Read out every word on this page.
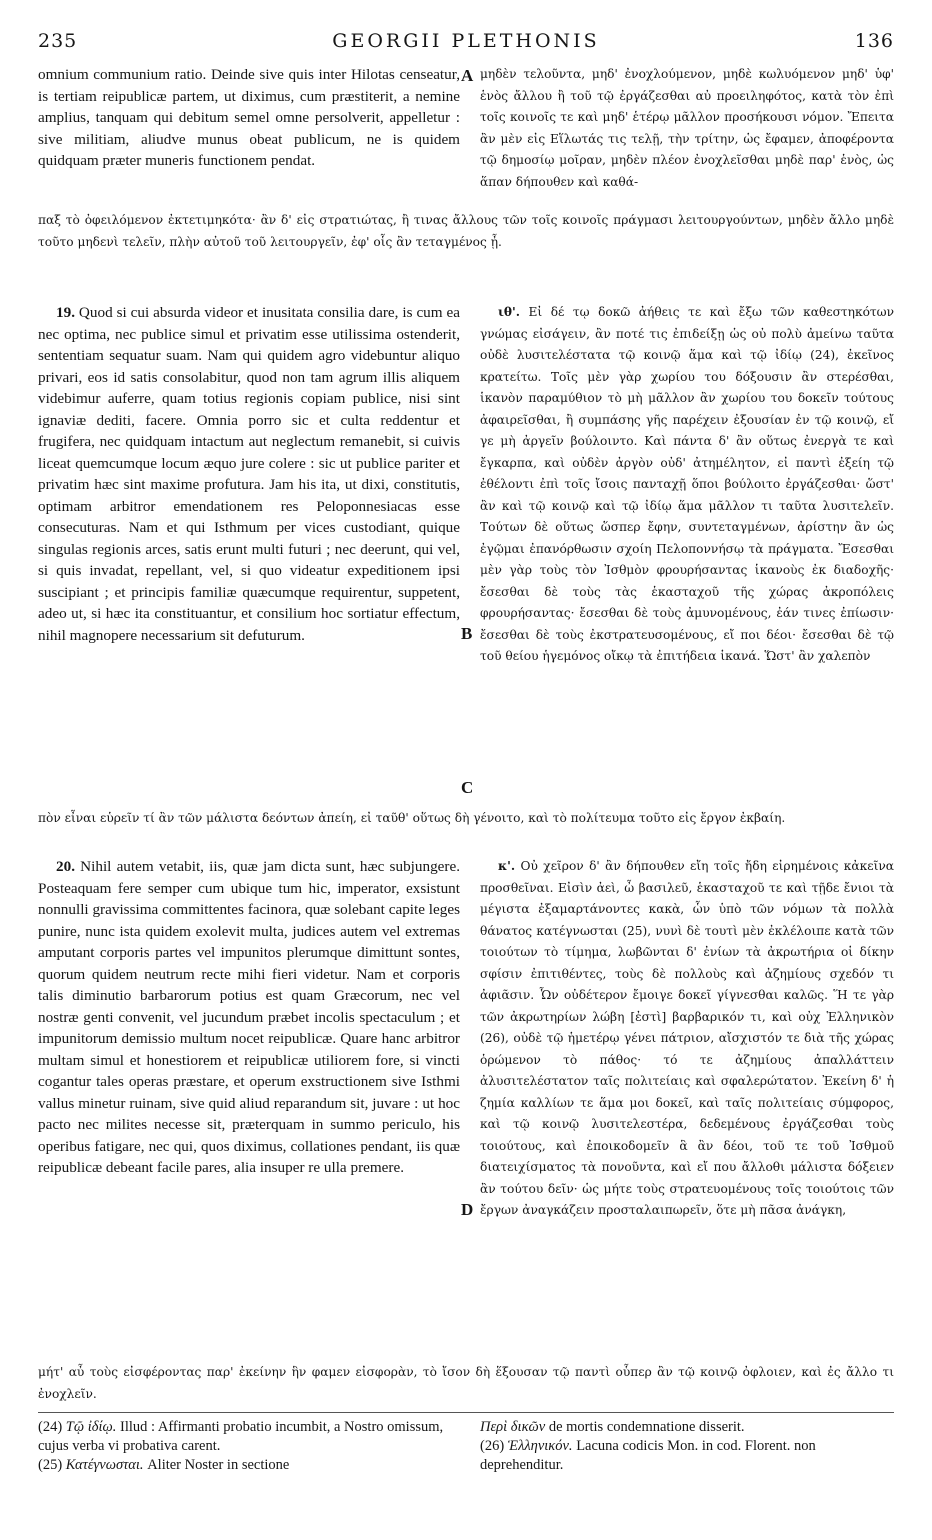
235	GEORGII PLETHONIS	136

omnium communium ratio. Deinde sive quis inter Hilotas censeatur, is tertiam reipublicæ partem, ut diximus, cum præstiterit, a nemine amplius, tanquam qui debitum semel omne persolverit, appelletur : sive militiam, aliudve munus obeat publicum, ne is quidem quidquam præter muneris functionem pendat.

μηδὲν τελοῦντα, μηδ' ἐνοχλούμενον, μηδὲ κωλυόμενον μηδ' ὑφ' ἑνὸς ἄλλου ἢ τοῦ τῷ ἐργάζεσθαι αὐ προειληφότος, κατὰ τὸν ἐπὶ τοῖς κοινοῖς τε καὶ μηδ' ἑτέρῳ μᾶλλον προσήκουσι νόμον. Ἔπειτα ἂν μὲν εἰς Εἵλωτάς τις τελῇ, τὴν τρίτην, ὡς ἔφαμεν, ἀποφέροντα τῷ δημοσίῳ μοῖραν, μηδὲν πλέον ἐνοχλεῖσθαι μηδὲ παρ' ἑνὸς, ὡς ἅπαν δήπουθεν καὶ καθά-

A

παξ τὸ ὀφειλόμενον ἐκτετιμηκότα· ἂν δ' εἰς στρατιώτας, ἢ τινας ἄλλους τῶν τοῖς κοινοῖς πράγμασι λειτουργούντων, μηδὲν ἄλλο μηδὲ τοῦτο μηδενὶ τελεῖν, πλὴν αὐτοῦ τοῦ λειτουργεῖν, ἐφ' οἷς ἂν τεταγμένος ᾖ.

19. Quod si cui absurda videor et inusitata consilia dare, is cum ea nec optima, nec publice simul et privatim esse utilissima ostenderit, sententiam sequatur suam. Nam qui quidem agro videbuntur aliquo privari, eos id satis consolabitur, quod non tam agrum illis aliquem videbimur auferre, quam totius regionis copiam publice, nisi sint ignaviæ dediti, facere. Omnia porro sic et culta reddentur et frugifera, nec quidquam intactum aut neglectum remanebit, si cuivis liceat quemcumque locum æquo jure colere : sic ut publice pariter et privatim hæc sint maxime profutura. Jam his ita, ut dixi, constitutis, optimam arbitror emendationem res Peloponnesiacas esse consecuturas. Nam et qui Isthmum per vices custodiant, quique singulas regionis arces, satis erunt multi futuri ; nec deerunt, qui vel, si quis invadat, repellant, vel, si quo videatur expeditionem ipsi suscipiant ; et principis familiæ quæcumque requirentur, suppetent, adeo ut, si hæc ita constituantur, et consilium hoc sortiatur effectum, nihil magnopere necessarium sit defuturum.

ιθ'. Εἰ δέ τῳ δοκῶ ἀήθεις τε καὶ ἔξω τῶν καθεστηκότων γνώμας εἰσάγειν, ἂν ποτέ τις ἐπιδείξῃ ὡς οὐ πολὺ ἀμείνω ταῦτα οὐδὲ λυσιτελέστατα τῷ κοινῷ ἅμα καὶ τῷ ἰδίῳ (24), ἐκεῖνος κρατείτω. Τοῖς μὲν γὰρ χωρίου του δόξουσιν ἂν στερέσθαι, ἱκανὸν παραμύθιον τὸ μὴ μᾶλλον ἂν χωρίου του δοκεῖν τούτους ἀφαιρεῖσθαι, ἢ συμπάσης γῆς παρέχειν ἐξουσίαν ἐν τῷ κοινῷ, εἴ γε μὴ ἀργεῖν βούλοιντο. Καὶ πάντα δ' ἂν οὕτως ἐνεργὰ τε καὶ ἔγκαρπα, καὶ οὐδὲν ἀργὸν οὐδ' ἀτημέλητον, εἰ παντὶ ἐξείη τῷ ἐθέλοντι ἐπὶ τοῖς ἴσοις πανταχῇ ὅποι βούλοιτο ἐργάζεσθαι· ὥστ' ἂν καὶ τῷ κοινῷ καὶ τῷ ἰδίῳ ἅμα μᾶλλον τι ταῦτα λυσιτελεῖν. Τούτων δὲ οὕτως ὥσπερ ἔφην, συντεταγμένων, ἀρίστην ἂν ὡς ἐγῷμαι ἐπανόρθωσιν σχοίη Πελοποννήσῳ τὰ πράγματα. Ἔσεσθαι μὲν γὰρ τοὺς τὸν Ἰσθμὸν φρουρήσαντας ἱκανοὺς ἐκ διαδοχῆς· ἔσεσθαι δὲ τοὺς τὰς ἑκασταχοῦ τῆς χώρας ἀκροπόλεις φρουρήσαντας· ἔσεσθαι δὲ τοὺς ἀμυνομένους, ἐάν τινες ἐπίωσιν· ἔσεσθαι δὲ τοὺς ἐκστρατευσομένους, εἴ ποι δέοι· ἔσεσθαι δὲ τῷ τοῦ θείου ἡγεμόνος οἴκῳ τὰ ἐπιτήδεια ἱκανά. Ὥστ' ἂν χαλεπὸν

B
C

πὸν εἶναι εὑρεῖν τί ἂν τῶν μάλιστα δεόντων ἀπείη, εἰ ταῦθ' οὕτως δὴ γένοιτο, καὶ τὸ πολίτευμα τοῦτο εἰς ἔργον ἐκβαίη.

20. Nihil autem vetabit, iis, quæ jam dicta sunt, hæc subjungere. Posteaquam fere semper cum ubique tum hic, imperator, exsistunt nonnulli gravissima committentes facinora, quæ solebant capite leges punire, nunc ista quidem exolevit multa, judices autem vel extremas amputant corporis partes vel impunitos plerumque dimittunt sontes, quorum quidem neutrum recte mihi fieri videtur. Nam et corporis talis diminutio barbarorum potius est quam Græcorum, nec vel nostræ genti convenit, vel jucundum præbet incolis spectaculum ; et impunitorum demissio multum nocet reipublicæ. Quare hanc arbitror multam simul et honestiorem et reipublicæ utiliorem fore, si vincti cogantur tales operas præstare, et operum exstructionem sive Isthmi vallus minetur ruinam, sive quid aliud reparandum sit, juvare : ut hoc pacto nec milites necesse sit, præterquam in summo periculo, his operibus fatigare, nec qui, quos diximus, collationes pendant, iis quæ reipublicæ debeant facile pares, alia insuper re ulla premere.

κ'. Οὐ χεῖρον δ' ἂν δήπουθεν εἴη τοῖς ἤδη εἰρημένοις κἀκεῖνα προσθεῖναι. Εἰσὶν ἀεὶ, ὦ βασιλεῦ, ἑκασταχοῦ τε καὶ τῇδε ἔνιοι τὰ μέγιστα ἐξαμαρτάνοντες κακὰ, ὧν ὑπὸ τῶν νόμων τὰ πολλὰ θάνατος κατέγνωσται (25), νυνὶ δὲ τουτὶ μὲν ἐκλέλοιπε κατὰ τῶν τοιούτων τὸ τίμημα, λωβῶνται δ' ἐνίων τὰ ἀκρωτήρια οἱ δίκην σφίσιν ἐπιτιθέντες, τοὺς δὲ πολλοὺς καὶ ἀζημίους σχεδόν τι ἀφιᾶσιν. Ὧν οὐδέτερον ἔμοιγε δοκεῖ γίγνεσθαι καλῶς. Ἥ τε γὰρ τῶν ἀκρωτηρίων λώβη [ἐστὶ] βαρβαρικόν τι, καὶ οὐχ Ἑλληνικὸν (26), οὐδὲ τῷ ἡμετέρῳ γένει πάτριον, αἴσχιστόν τε διὰ τῆς χώρας ὁρώμενον τὸ πάθος· τό τε ἀζημίους ἀπαλλάττειν ἀλυσιτελέστατον ταῖς πολιτείαις καὶ σφαλερώτατον. Ἐκείνη δ' ἡ ζημία καλλίων τε ἅμα μοι δοκεῖ, καὶ ταῖς πολιτείαις σύμφορος, καὶ τῷ κοινῷ λυσιτελεστέρα, δεδεμένους ἐργάζεσθαι τοὺς τοιούτους, καὶ ἐποικοδομεῖν ἃ ἂν δέοι, τοῦ τε τοῦ Ἰσθμοῦ διατειχίσματος τὰ πονοῦντα, καὶ εἴ που ἄλλοθι μάλιστα δόξειεν ἂν τούτου δεῖν· ὡς μήτε τοὺς στρατευομένους τοῖς τοιούτοις τῶν ἔργων ἀναγκάζειν προσταλαιπωρεῖν, ὅτε μὴ πᾶσα ἀνάγκη,

D

μήτ' αὖ τοὺς εἰσφέροντας παρ' ἐκείνην ἣν φαμεν εἰσφορὰν, τὸ ἴσον δὴ ἕξουσαν τῷ παντὶ οὗπερ ἂν τῷ κοινῷ ὀφλοιεν, καὶ ἐς ἄλλο τι ἐνοχλεῖν.

(24) Τῷ ἰδίῳ. Illud : Affirmanti probatio incumbit, a Nostro omissum, cujus verba vi probativa carent.

(25) Κατέγνωσται. Aliter Noster in sectione

Περὶ δικῶν de mortis condemnatione disserit.

(26) Ἑλληνικόν. Lacuna codicis Mon. in cod. Florent. non deprehenditur.
